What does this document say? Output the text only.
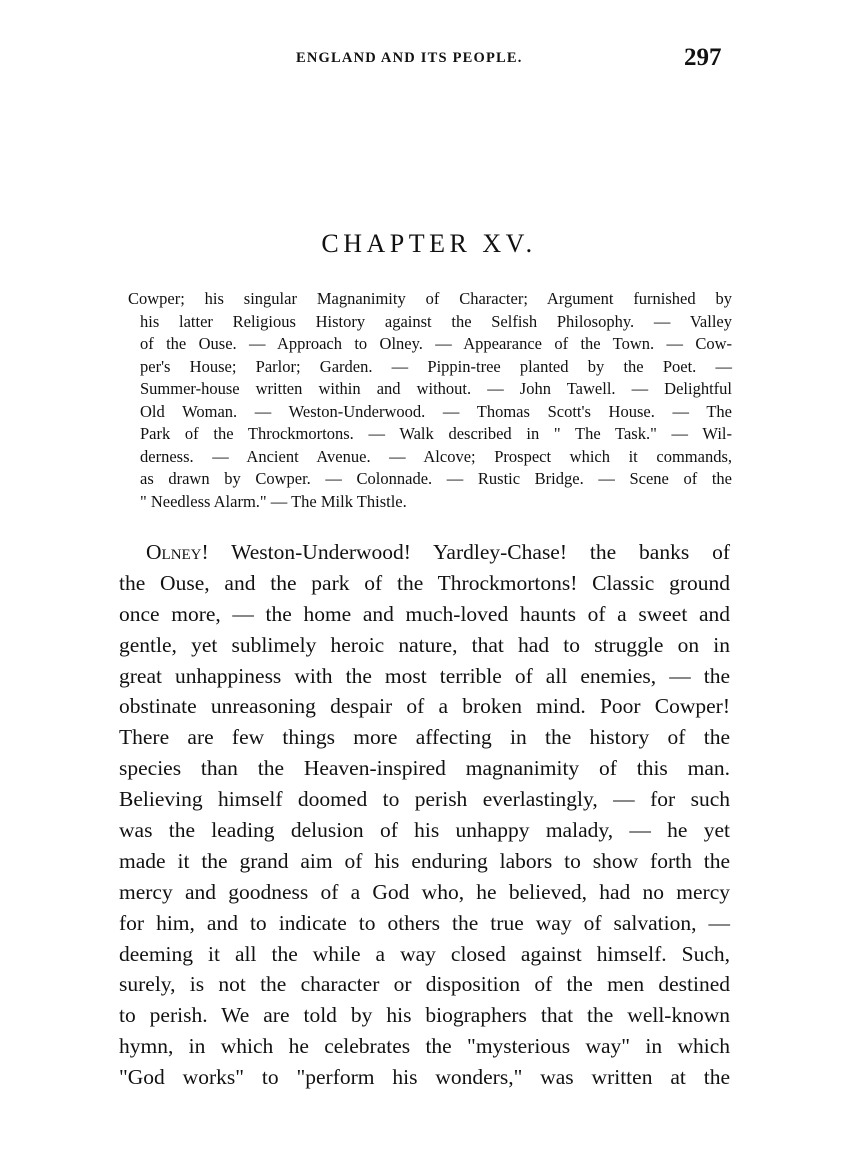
ENGLAND AND ITS PEOPLE.	297
CHAPTER XV.
Cowper; his singular Magnanimity of Character; Argument furnished by
his latter Religious History against the Selfish Philosophy. — Valley
of the Ouse. — Approach to Olney. — Appearance of the Town. — Cow-
per's House; Parlor; Garden. — Pippin-tree planted by the Poet. —
Summer-house written within and without. — John Tawell. — Delightful
Old Woman. — Weston-Underwood. — Thomas Scott's House. — The
Park of the Throckmortons. — Walk described in " The Task." — Wil-
derness. — Ancient Avenue. — Alcove; Prospect which it commands,
as drawn by Cowper. — Colonnade. — Rustic Bridge. — Scene of the
" Needless Alarm." — The Milk Thistle.
Olney! Weston-Underwood! Yardley-Chase! the banks of
the Ouse, and the park of the Throckmortons! Classic ground
once more, — the home and much-loved haunts of a sweet and
gentle, yet sublimely heroic nature, that had to struggle on in
great unhappiness with the most terrible of all enemies, — the
obstinate unreasoning despair of a broken mind. Poor Cowper!
There are few things more affecting in the history of the
species than the Heaven-inspired magnanimity of this man.
Believing himself doomed to perish everlastingly, — for such
was the leading delusion of his unhappy malady, — he yet
made it the grand aim of his enduring labors to show forth the
mercy and goodness of a God who, he believed, had no mercy
for him, and to indicate to others the true way of salvation, —
deeming it all the while a way closed against himself. Such,
surely, is not the character or disposition of the men destined
to perish. We are told by his biographers that the well-known
hymn, in which he celebrates the "mysterious way" in which
"God works" to "perform his wonders," was written at the
